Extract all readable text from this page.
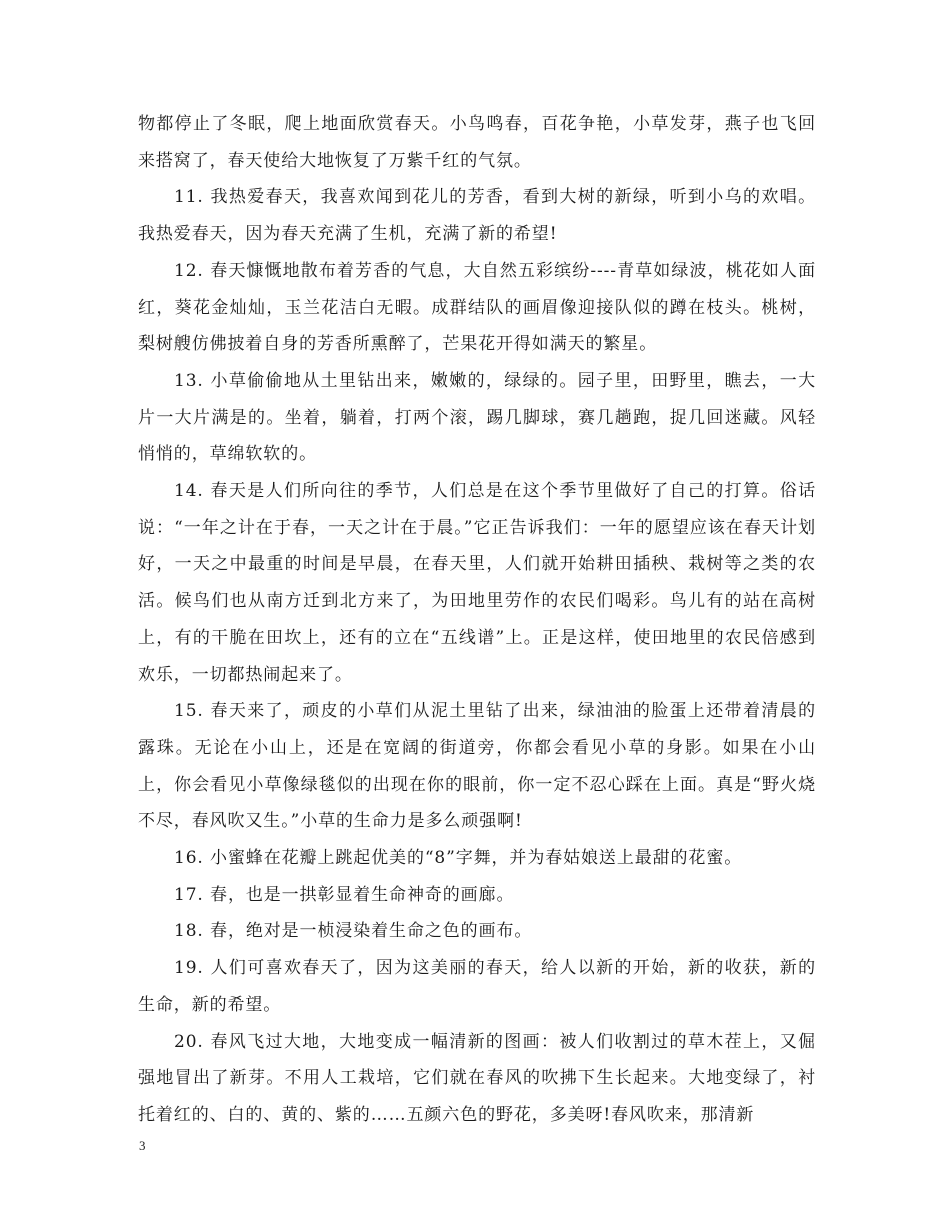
物都停止了冬眠，爬上地面欣赏春天。小鸟鸣春，百花争艳，小草发芽，燕子也飞回来搭窝了，春天使给大地恢复了万紫千红的气氛。

11. 我热爱春天，我喜欢闻到花儿的芳香，看到大树的新绿，听到小乌的欢唱。我热爱春天，因为春天充满了生机，充满了新的希望!

12. 春天慷慨地散布着芳香的气息，大自然五彩缤纷----青草如绿波，桃花如人面红，葵花金灿灿，玉兰花洁白无暇。成群结队的画眉像迎接队似的蹲在枝头。桃树，梨树艘仿佛披着自身的芳香所熏醉了，芒果花开得如满天的繁星。

13. 小草偷偷地从土里钻出来，嫩嫩的，绿绿的。园子里，田野里，瞧去，一大片一大片满是的。坐着，躺着，打两个滚，踢几脚球，赛几趟跑，捉几回迷藏。风轻悄悄的，草绵软软的。

14. 春天是人们所向往的季节，人们总是在这个季节里做好了自己的打算。俗话说：“一年之计在于春，一天之计在于晨。”它正告诉我们：一年的愿望应该在春天计划好，一天之中最重的时间是早晨，在春天里，人们就开始耕田插秧、栽树等之类的农活。候鸟们也从南方迁到北方来了，为田地里劳作的农民们喝彩。鸟儿有的站在高树上，有的干脆在田坎上，还有的立在“五线谱”上。正是这样，使田地里的农民倍感到欢乐，一切都热闹起来了。

15. 春天来了，顽皮的小草们从泥土里钻了出来，绿油油的脸蛋上还带着清晨的露珠。无论在小山上，还是在宽阔的街道旁，你都会看见小草的身影。如果在小山上，你会看见小草像绿毯似的出现在你的眼前，你一定不忍心踩在上面。真是“野火烧不尽，春风吹又生。”小草的生命力是多么顽强啊!

16. 小蜜蜂在花瓣上跳起优美的“8”字舞，并为春姑娘送上最甜的花蜜。

17. 春，也是一拱彰显着生命神奇的画廊。

18. 春，绝对是一桢浸染着生命之色的画布。

19. 人们可喜欢春天了，因为这美丽的春天，给人以新的开始，新的收获，新的生命，新的希望。

20. 春风飞过大地，大地变成一幅清新的图画：被人们收割过的草木茬上，又倔强地冒出了新芽。不用人工栽培，它们就在春风的吹拂下生长起来。大地变绿了，衬托着红的、白的、黄的、紫的……五颜六色的野花，多美呀!春风吹来，那清新

3
